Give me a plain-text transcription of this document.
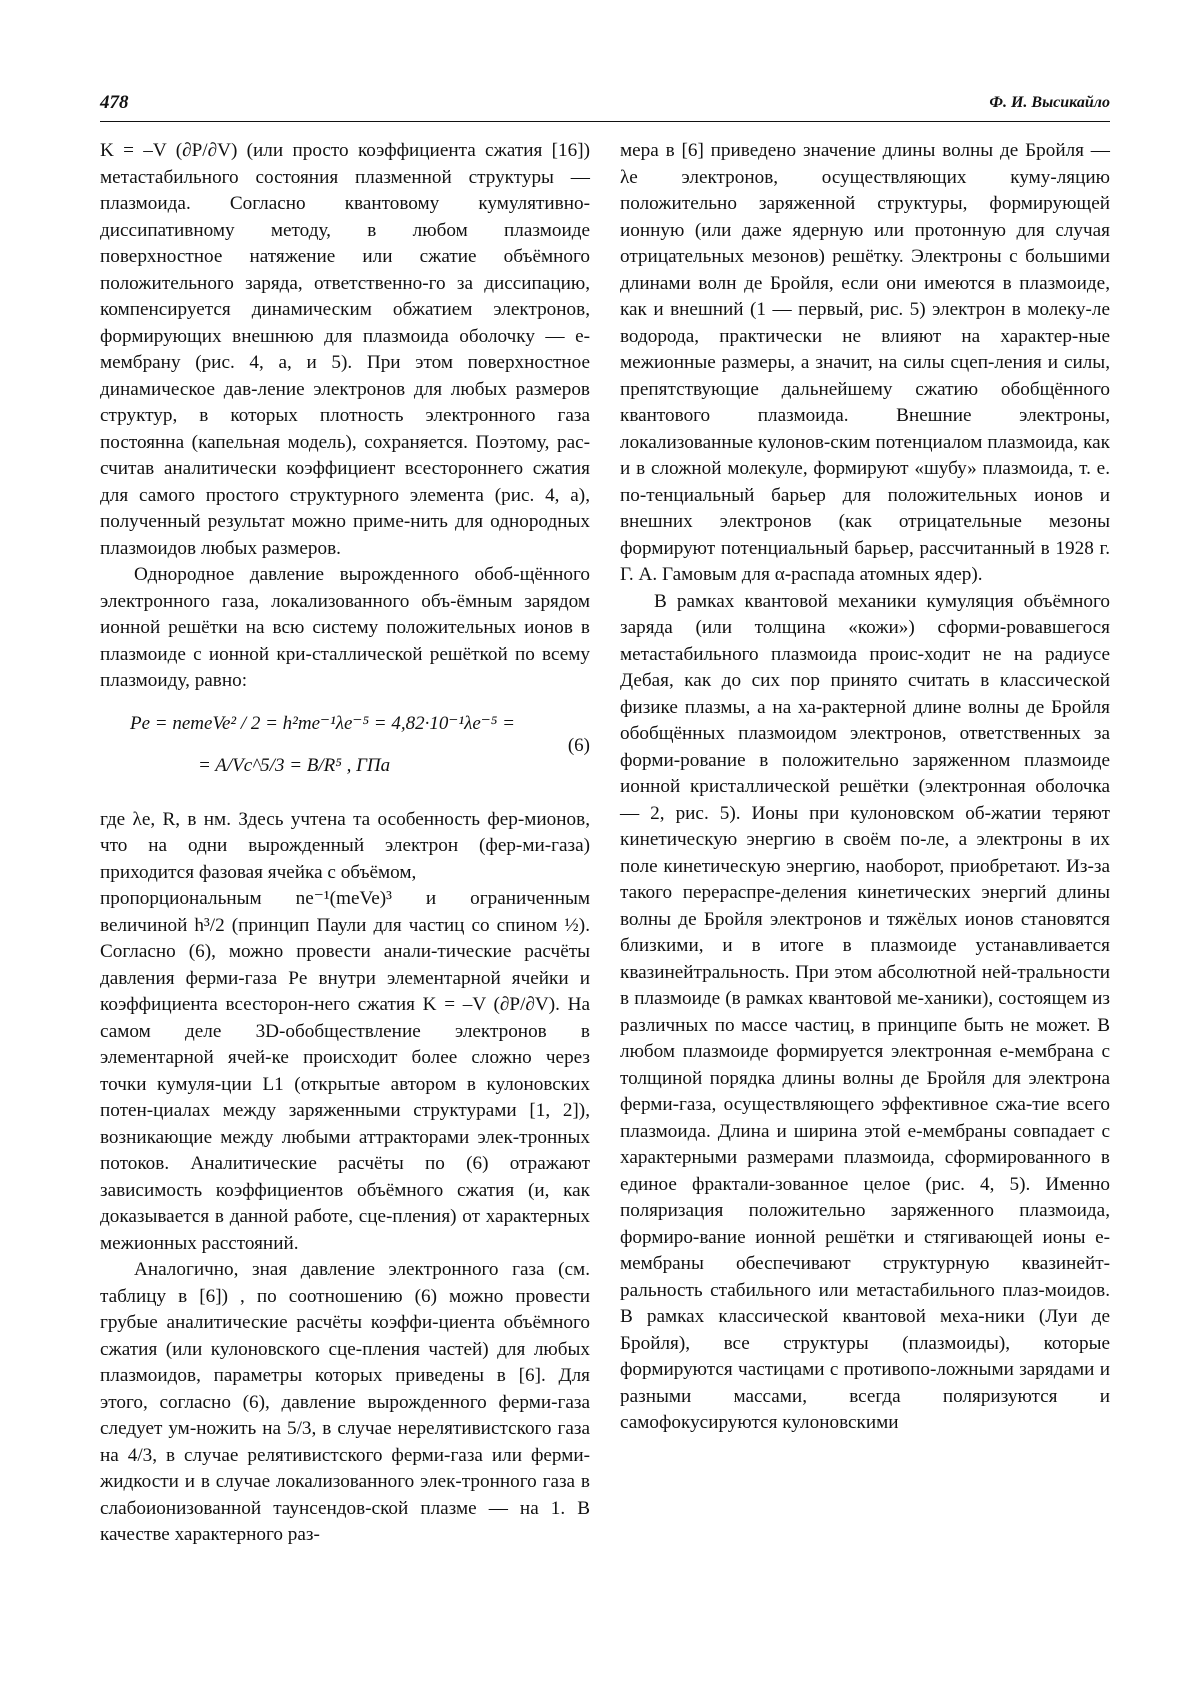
478	Ф. И. Высикайло

K = –V (∂P/∂V) (или просто коэффициента сжатия [16]) метастабильного состояния плазменной структуры — плазмоида. Согласно квантовому кумулятивно-диссипативному методу, в любом плазмоиде поверхностное натяжение или сжатие объёмного положительного заряда, ответственно-го за диссипацию, компенсируется динамическим обжатием электронов, формирующих внешнюю для плазмоида оболочку — e-мембрану (рис. 4, a, и 5). При этом поверхностное динамическое дав-ление электронов для любых размеров структур, в которых плотность электронного газа постоянна (капельная модель), сохраняется. Поэтому, рас-считав аналитически коэффициент всестороннего сжатия для самого простого структурного элемента (рис. 4, a), полученный результат можно приме-нить для однородных плазмоидов любых размеров.

Однородное давление вырожденного обоб-щённого электронного газа, локализованного объ-ёмным зарядом ионной решётки на всю систему положительных ионов в плазмоиде с ионной кри-сталлической решёткой по всему плазмоиду, равно:

Pe = nemeVe² / 2 = h²me⁻¹λe⁻⁵ = 4,82·10⁻¹λe⁻⁵ =
= A/Vc^5/3 = B/R⁵ , ГПа
(6)

где λe, R, в нм. Здесь учтена та особенность фер-мионов, что на одни вырожденный электрон (фер-ми-газа) приходится фазовая ячейка с объёмом,

пропорциональным ne⁻¹(meVe)³ и ограниченным

величиной h³/2 (принцип Паули для частиц со спином ½). Согласно (6), можно провести анали-тические расчёты давления ферми-газа Pe внутри элементарной ячейки и коэффициента всесторон-него сжатия K = –V (∂P/∂V). На самом деле 3D-обобществление электронов в элементарной ячей-ке происходит более сложно через точки кумуля-ции L1 (открытые автором в кулоновских потен-циалах между заряженными структурами [1, 2]), возникающие между любыми аттракторами элек-тронных потоков. Аналитические расчёты по (6) отражают зависимость коэффициентов объёмного сжатия (и, как доказывается в данной работе, сце-пления) от характерных межионных расстояний.

Аналогично, зная давление электронного газа (см. таблицу в [6]) , по соотношению (6) можно провести грубые аналитические расчёты коэффи-циента объёмного сжатия (или кулоновского сце-пления частей) для любых плазмоидов, параметры которых приведены в [6]. Для этого, согласно (6), давление вырожденного ферми-газа следует ум-ножить на 5/3, в случае нерелятивистского газа на 4/3, в случае релятивистского ферми-газа или ферми-жидкости и в случае локализованного элек-тронного газа в слабоионизованной таунсендов-ской плазме — на 1. В качестве характерного раз-

мера в [6] приведено значение длины волны де Бройля — λe электронов, осуществляющих куму-ляцию положительно заряженной структуры, формирующей ионную (или даже ядерную или протонную для случая отрицательных мезонов) решётку. Электроны с большими длинами волн де Бройля, если они имеются в плазмоиде, как и внешний (1 — первый, рис. 5) электрон в молеку-ле водорода, практически не влияют на характер-ные межионные размеры, а значит, на силы сцеп-ления и силы, препятствующие дальнейшему сжатию обобщённого квантового плазмоида. Внешние электроны, локализованные кулонов-ским потенциалом плазмоида, как и в сложной молекуле, формируют «шубу» плазмоида, т. е. по-тенциальный барьер для положительных ионов и внешних электронов (как отрицательные мезоны формируют потенциальный барьер, рассчитанный в 1928 г. Г. А. Гамовым для α-распада атомных ядер).

В рамках квантовой механики кумуляция объёмного заряда (или толщина «кожи») сформи-ровавшегося метастабильного плазмоида проис-ходит не на радиусе Дебая, как до сих пор принято считать в классической физике плазмы, а на ха-рактерной длине волны де Бройля обобщённых плазмоидом электронов, ответственных за форми-рование в положительно заряженном плазмоиде ионной кристаллической решётки (электронная оболочка — 2, рис. 5). Ионы при кулоновском об-жатии теряют кинетическую энергию в своём по-ле, а электроны в их поле кинетическую энергию, наоборот, приобретают. Из-за такого перераспре-деления кинетических энергий длины волны де Бройля электронов и тяжёлых ионов становятся близкими, и в итоге в плазмоиде устанавливается квазинейтральность. При этом абсолютной ней-тральности в плазмоиде (в рамках квантовой ме-ханики), состоящем из различных по массе частиц, в принципе быть не может. В любом плазмоиде формируется электронная e-мембрана с толщиной порядка длины волны де Бройля для электрона ферми-газа, осуществляющего эффективное сжа-тие всего плазмоида. Длина и ширина этой e-мембраны совпадает с характерными размерами плазмоида, сформированного в единое фрактали-зованное целое (рис. 4, 5). Именно поляризация положительно заряженного плазмоида, формиро-вание ионной решётки и стягивающей ионы e-мембраны обеспечивают структурную квазинейт-ральность стабильного или метастабильного плаз-моидов. В рамках классической квантовой меха-ники (Луи де Бройля), все структуры (плазмоиды), которые формируются частицами с противопо-ложными зарядами и разными массами, всегда поляризуются и самофокусируются кулоновскими
